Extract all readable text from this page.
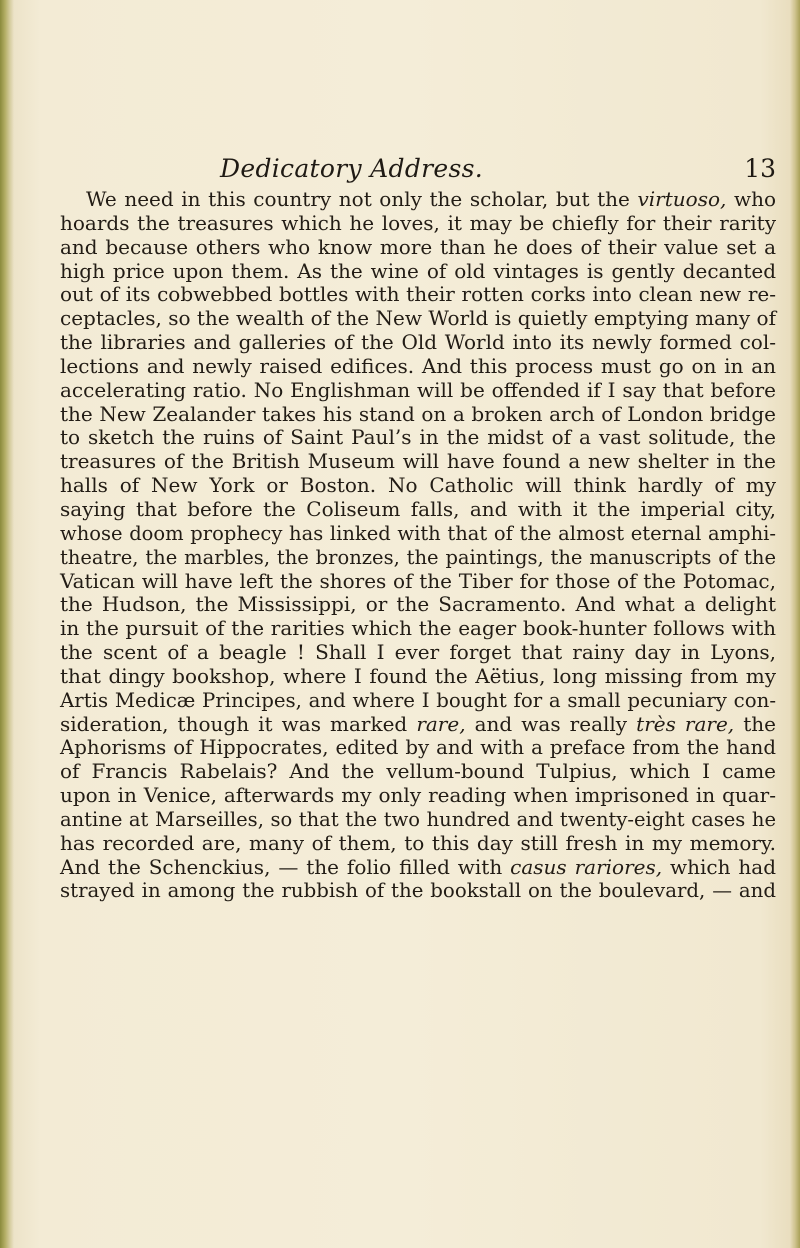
Dedicatory Address.	13
We need in this country not only the scholar, but the virtuoso, who
hoards the treasures which he loves, it may be chiefly for their rarity
and because others who know more than he does of their value set a
high price upon them. As the wine of old vintages is gently decanted
out of its cobwebbed bottles with their rotten corks into clean new re-
ceptacles, so the wealth of the New World is quietly emptying many of
the libraries and galleries of the Old World into its newly formed col-
lections and newly raised edifices. And this process must go on in an
accelerating ratio. No Englishman will be offended if I say that before
the New Zealander takes his stand on a broken arch of London bridge
to sketch the ruins of Saint Paul’s in the midst of a vast solitude, the
treasures of the British Museum will have found a new shelter in the
halls of New York or Boston. No Catholic will think hardly of my
saying that before the Coliseum falls, and with it the imperial city,
whose doom prophecy has linked with that of the almost eternal amphi-
theatre, the marbles, the bronzes, the paintings, the manuscripts of the
Vatican will have left the shores of the Tiber for those of the Potomac,
the Hudson, the Mississippi, or the Sacramento. And what a delight
in the pursuit of the rarities which the eager book-hunter follows with
the scent of a beagle ! Shall I ever forget that rainy day in Lyons,
that dingy bookshop, where I found the Aëtius, long missing from my
Artis Medicæ Principes, and where I bought for a small pecuniary con-
sideration, though it was marked rare, and was really très rare, the
Aphorisms of Hippocrates, edited by and with a preface from the hand
of Francis Rabelais? And the vellum-bound Tulpius, which I came
upon in Venice, afterwards my only reading when imprisoned in quar-
antine at Marseilles, so that the two hundred and twenty-eight cases he
has recorded are, many of them, to this day still fresh in my memory.
And the Schenckius, — the folio filled with casus rariores, which had
strayed in among the rubbish of the bookstall on the boulevard, — and
